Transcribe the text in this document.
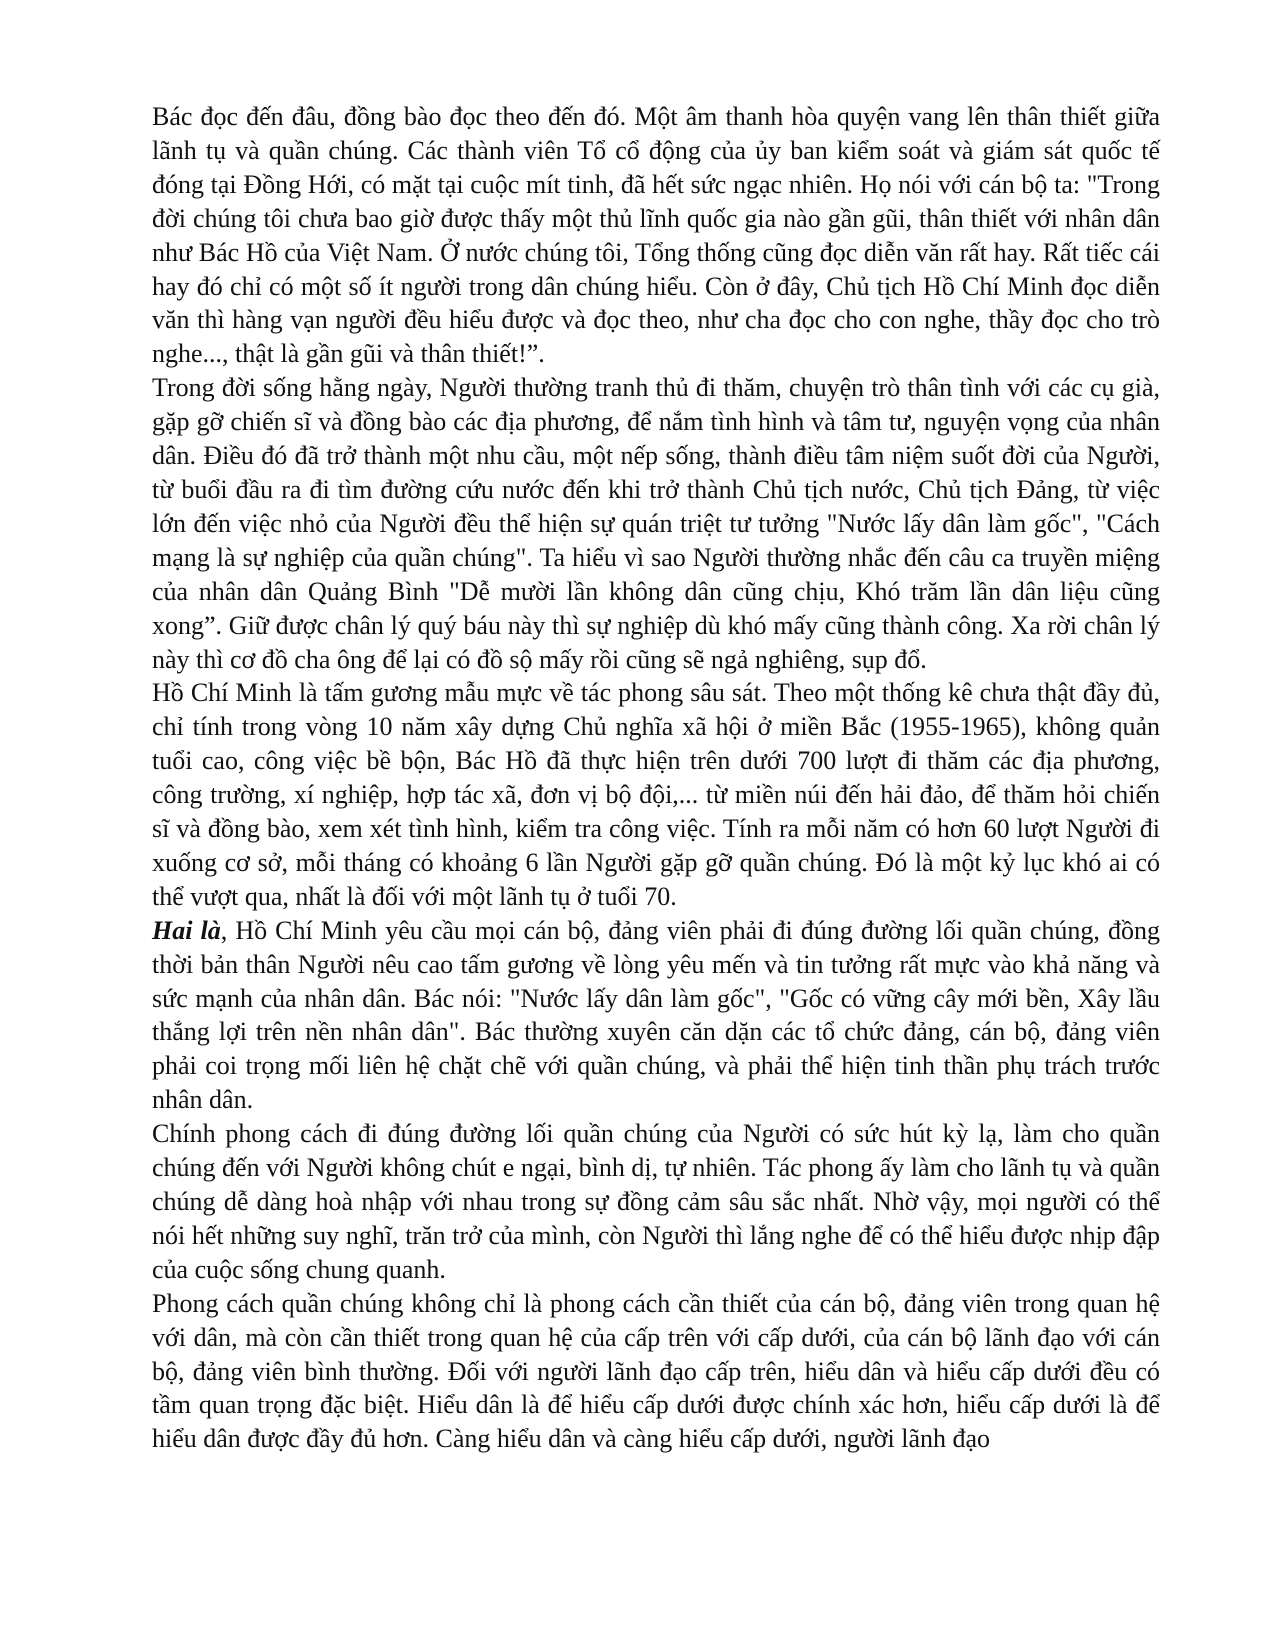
Bác đọc đến đâu, đồng bào đọc theo đến đó. Một âm thanh hòa quyện vang lên thân thiết giữa lãnh tụ và quần chúng. Các thành viên Tổ cổ động của ủy ban kiểm soát và giám sát quốc tế đóng tại Đồng Hới, có mặt tại cuộc mít tinh, đã hết sức ngạc nhiên. Họ nói với cán bộ ta: "Trong đời chúng tôi chưa bao giờ được thấy một thủ lĩnh quốc gia nào gần gũi, thân thiết với nhân dân như Bác Hồ của Việt Nam. Ở nước chúng tôi, Tổng thống cũng đọc diễn văn rất hay. Rất tiếc cái hay đó chỉ có một số ít người trong dân chúng hiểu. Còn ở đây, Chủ tịch Hồ Chí Minh đọc diễn văn thì hàng vạn người đều hiểu được và đọc theo, như cha đọc cho con nghe, thầy đọc cho trò nghe..., thật là gần gũi và thân thiết!”.

Trong đời sống hằng ngày, Người thường tranh thủ đi thăm, chuyện trò thân tình với các cụ già, gặp gỡ chiến sĩ và đồng bào các địa phương, để nắm tình hình và tâm tư, nguyện vọng của nhân dân. Điều đó đã trở thành một nhu cầu, một nếp sống, thành điều tâm niệm suốt đời của Người, từ buổi đầu ra đi tìm đường cứu nước đến khi trở thành Chủ tịch nước, Chủ tịch Đảng, từ việc lớn đến việc nhỏ của Người đều thể hiện sự quán triệt tư tưởng "Nước lấy dân làm gốc", "Cách mạng là sự nghiệp của quần chúng". Ta hiểu vì sao Người thường nhắc đến câu ca truyền miệng của nhân dân Quảng Bình "Dễ mười lần không dân cũng chịu, Khó trăm lần dân liệu cũng xong”. Giữ được chân lý quý báu này thì sự nghiệp dù khó mấy cũng thành công. Xa rời chân lý này thì cơ đồ cha ông để lại có đồ sộ mấy rồi cũng sẽ ngả nghiêng, sụp đổ.

Hồ Chí Minh là tấm gương mẫu mực về tác phong sâu sát. Theo một thống kê chưa thật đầy đủ, chỉ tính trong vòng 10 năm xây dựng Chủ nghĩa xã hội ở miền Bắc (1955-1965), không quản tuổi cao, công việc bề bộn, Bác Hồ đã thực hiện trên dưới 700 lượt đi thăm các địa phương, công trường, xí nghiệp, hợp tác xã, đơn vị bộ đội,... từ miền núi đến hải đảo, để thăm hỏi chiến sĩ và đồng bào, xem xét tình hình, kiểm tra công việc. Tính ra mỗi năm có hơn 60 lượt Người đi xuống cơ sở, mỗi tháng có khoảng 6 lần Người gặp gỡ quần chúng. Đó là một kỷ lục khó ai có thể vượt qua, nhất là đối với một lãnh tụ ở tuổi 70.

Hai là, Hồ Chí Minh yêu cầu mọi cán bộ, đảng viên phải đi đúng đường lối quần chúng, đồng thời bản thân Người nêu cao tấm gương về lòng yêu mến và tin tưởng rất mực vào khả năng và sức mạnh của nhân dân. Bác nói: "Nước lấy dân làm gốc", "Gốc có vững cây mới bền, Xây lầu thắng lợi trên nền nhân dân". Bác thường xuyên căn dặn các tổ chức đảng, cán bộ, đảng viên phải coi trọng mối liên hệ chặt chẽ với quần chúng, và phải thể hiện tinh thần phụ trách trước nhân dân.

Chính phong cách đi đúng đường lối quần chúng của Người có sức hút kỳ lạ, làm cho quần chúng đến với Người không chút e ngại, bình dị, tự nhiên. Tác phong ấy làm cho lãnh tụ và quần chúng dễ dàng hoà nhập với nhau trong sự đồng cảm sâu sắc nhất. Nhờ vậy, mọi người có thể nói hết những suy nghĩ, trăn trở của mình, còn Người thì lắng nghe để có thể hiểu được nhịp đập của cuộc sống chung quanh.

Phong cách quần chúng không chỉ là phong cách cần thiết của cán bộ, đảng viên trong quan hệ với dân, mà còn cần thiết trong quan hệ của cấp trên với cấp dưới, của cán bộ lãnh đạo với cán bộ, đảng viên bình thường. Đối với người lãnh đạo cấp trên, hiểu dân và hiểu cấp dưới đều có tầm quan trọng đặc biệt. Hiểu dân là để hiểu cấp dưới được chính xác hơn, hiểu cấp dưới là để hiểu dân được đầy đủ hơn. Càng hiểu dân và càng hiểu cấp dưới, người lãnh đạo
